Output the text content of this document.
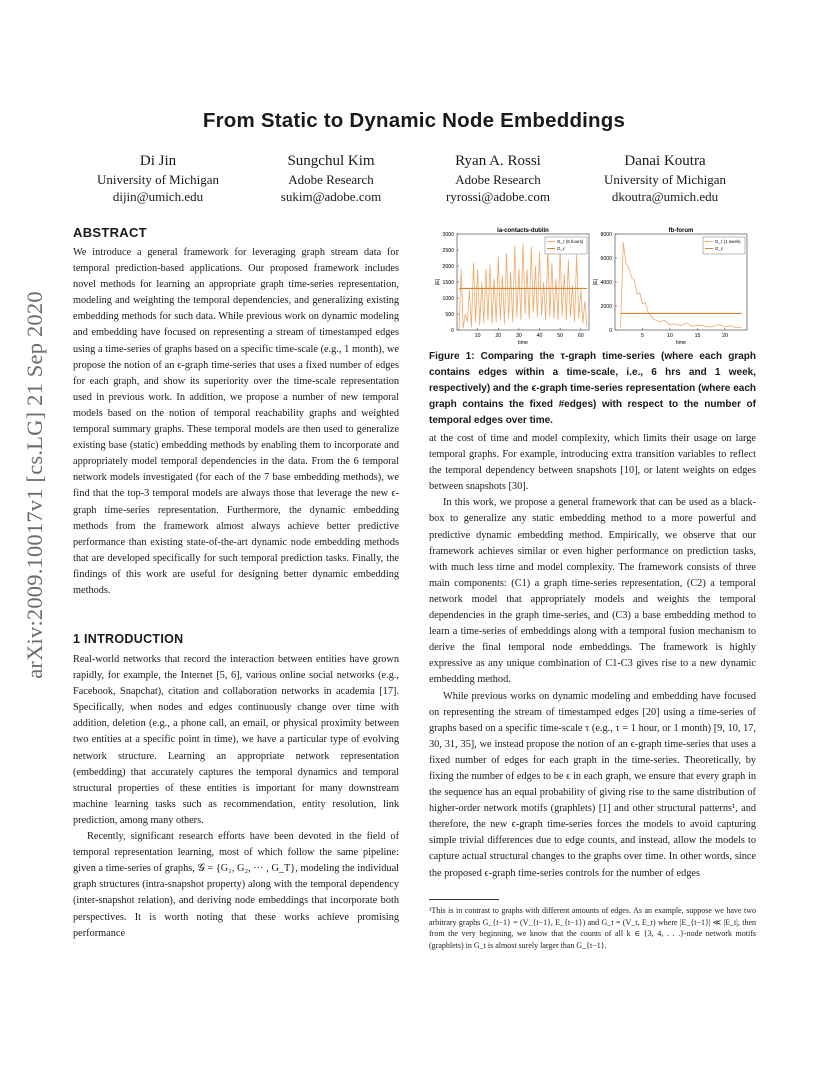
arXiv:2009.10017v1 [cs.LG] 21 Sep 2020
From Static to Dynamic Node Embeddings
Di Jin
University of Michigan
dijin@umich.edu
Sungchul Kim
Adobe Research
sukim@adobe.com
Ryan A. Rossi
Adobe Research
ryrossi@adobe.com
Danai Koutra
University of Michigan
dkoutra@umich.edu
ABSTRACT

We introduce a general framework for leveraging graph stream data for temporal prediction-based applications. Our proposed framework includes novel methods for learning an appropriate graph time-series representation, modeling and weighting the temporal dependencies, and generalizing existing embedding methods for such data. While previous work on dynamic modeling and embedding have focused on representing a stream of timestamped edges using a time-series of graphs based on a specific time-scale (e.g., 1 month), we propose the notion of an ϵ-graph time-series that uses a fixed number of edges for each graph, and show its superiority over the time-scale representation used in previous work. In addition, we propose a number of new temporal models based on the notion of temporal reachability graphs and weighted temporal summary graphs. These temporal models are then used to generalize existing base (static) embedding methods by enabling them to incorporate and appropriately model temporal dependencies in the data. From the 6 temporal network models investigated (for each of the 7 base embedding methods), we find that the top-3 temporal models are always those that leverage the new ϵ-graph time-series representation. Furthermore, the dynamic embedding methods from the framework almost always achieve better predictive performance than existing state-of-the-art dynamic node embedding methods that are developed specifically for such temporal prediction tasks. Finally, the findings of this work are useful for designing better dynamic embedding methods.

1 INTRODUCTION

Real-world networks that record the interaction between entities have grown rapidly, for example, the Internet [5, 6], various online social networks (e.g., Facebook, Snapchat), citation and collaboration networks in academia [17]. Specifically, when nodes and edges continuously change over time with addition, deletion (e.g., a phone call, an email, or physical proximity between two entities at a specific point in time), we have a particular type of evolving network structure. Learning an appropriate network representation (embedding) that accurately captures the temporal dynamics and temporal structural properties of these entities is important for many downstream machine learning tasks such as recommendation, entity resolution, link prediction, among many others.

Recently, significant research efforts have been devoted in the field of temporal representation learning, most of which follow the same pipeline: given a time-series of graphs, 𝒢 = {G₁, G₂, ··· , G_T}, modeling the individual graph structures (intra-snapshot property) along with the temporal dependency (inter-snapshot relation), and deriving node embeddings that incorporate both perspectives. It is worth noting that these works achieve promising performance

la-contacts-dublin
0
500
1000
1500
2000
2500
3000
10	20	30	40	50	60
time
|E|
G_τ (6 hours)
G_ϵ
fb-forum
0
2000
4000
6000
8000
5	10	15	20
time
|E|
G_τ (1 week)
G_ϵ
Figure 1: Comparing the τ-graph time-series (where each graph contains edges within a time-scale, i.e., 6 hrs and 1 week, respectively) and the ϵ-graph time-series representation (where each graph contains the fixed #edges) with respect to the number of temporal edges over time.

at the cost of time and model complexity, which limits their usage on large temporal graphs. For example, introducing extra transition variables to reflect the temporal dependency between snapshots [10], or latent weights on edges between snapshots [30].

In this work, we propose a general framework that can be used as a black-box to generalize any static embedding method to a more powerful and predictive dynamic embedding method. Empirically, we observe that our framework achieves similar or even higher performance on prediction tasks, with much less time and model complexity. The framework consists of three main components: (C1) a graph time-series representation, (C2) a temporal network model that appropriately models and weights the temporal dependencies in the graph time-series, and (C3) a base embedding method to learn a time-series of embeddings along with a temporal fusion mechanism to derive the final temporal node embeddings. The framework is highly expressive as any unique combination of C1-C3 gives rise to a new dynamic embedding method.

While previous works on dynamic modeling and embedding have focused on representing the stream of timestamped edges [20] using a time-series of graphs based on a specific time-scale τ (e.g., τ = 1 hour, or 1 month) [9, 10, 17, 30, 31, 35], we instead propose the notion of an ϵ-graph time-series that uses a fixed number of edges for each graph in the time-series. Theoretically, by fixing the number of edges to be ϵ in each graph, we ensure that every graph in the sequence has an equal probability of giving rise to the same distribution of higher-order network motifs (graphlets) [1] and other structural patterns¹, and therefore, the new ϵ-graph time-series forces the models to avoid capturing simple trivial differences due to edge counts, and instead, allow the models to capture actual structural changes to the graphs over time. In other words, since the proposed ϵ-graph time-series controls for the number of edges

¹This is in contrast to graphs with different amounts of edges. As an example, suppose we have two arbitrary graphs G_{t−1} = (V_{t−1}, E_{t−1}) and G_t = (V_t, E_t) where |E_{t−1}| ≪ |E_t|, then from the very beginning, we know that the counts of all k ∈ {3, 4, . . .}-node network motifs (graphlets) in G_t is almost surely larger than G_{t−1}.
